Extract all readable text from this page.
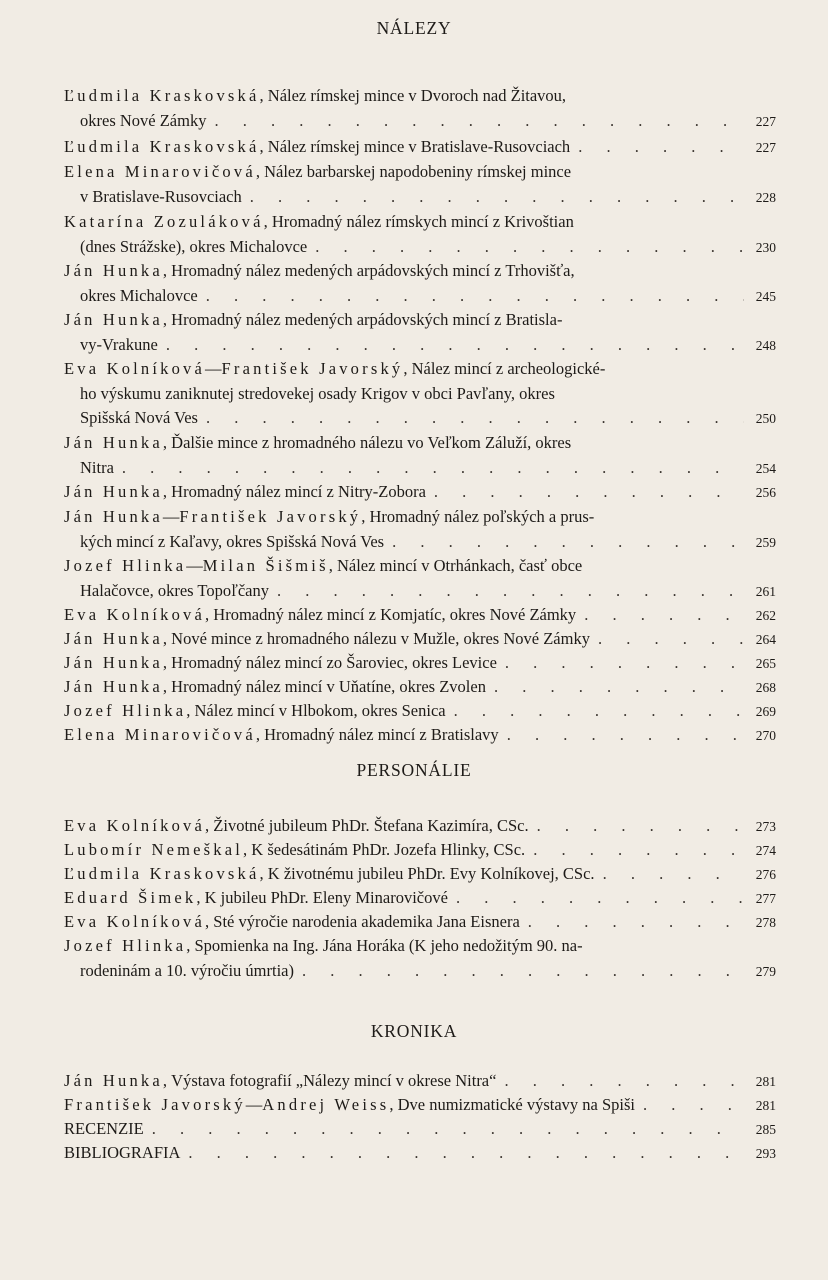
NÁLEZY
Ľudmila Kraskovská , Nález rímskej mince v Dvoroch nad Žitavou,
okres Nové Zámky . . .	227
Ľudmila Kraskovská , Nález rímskej mince v Bratislave-Rusovciach . . .	227
Elena Minarovičová , Nález barbarskej napodobeniny rímskej mince
v Bratislave-Rusovciach . . .	228
Katarína Zozuláková , Hromadný nález rímskych mincí z Krivoštian
(dnes Strážske), okres Michalovce . . .	230
Ján Hunka , Hromadný nález medených arpádovských mincí z Trhovišťa,
okres Michalovce . . .	245
Ján Hunka , Hromadný nález medených arpádovských mincí z Bratisla-
vy-Vrakune . . .	248
Eva Kolníková — František Javorský , Nález mincí z archeologické-
ho výskumu zaniknutej stredovekej osady Krigov v obci Pavľany, okres
Spišská Nová Ves . . .	250
Ján Hunka , Ďalšie mince z hromadného nálezu vo Veľkom Záluží, okres
Nitra . . .	254
Ján Hunka , Hromadný nález mincí z Nitry-Zobora . . .	256
Ján Hunka — František Javorský , Hromadný nález poľských a prus-
kých mincí z Kaľavy, okres Spišská Nová Ves . . .	259
Jozef Hlinka — Milan Šišmiš , Nález mincí v Otrhánkach, časť obce
Halačovce, okres Topoľčany . . .	261
Eva Kolníková , Hromadný nález mincí z Komjatíc, okres Nové Zámky . . .	262
Ján Hunka , Nové mince z hromadného nálezu v Mužle, okres Nové Zámky . . .	264
Ján Hunka , Hromadný nález mincí zo Šaroviec, okres Levice . . .	265
Ján Hunka , Hromadný nález mincí v Uňatíne, okres Zvolen . . .	268
Jozef Hlinka , Nález mincí v Hlbokom, okres Senica . . .	269
Elena Minarovičová , Hromadný nález mincí z Bratislavy . . .	270
PERSONÁLIE
Eva Kolníková , Životné jubileum PhDr. Štefana Kazimíra, CSc. . . .	273
Lubomír Nemeškal , K šedesátinám PhDr. Jozefa Hlinky, CSc. . . .	274
Ľudmila Kraskovská , K životnému jubileu PhDr. Evy Kolníkovej, CSc. . . .	276
Eduard Šimek , K jubileu PhDr. Eleny Minarovičové . . .	277
Eva Kolníková , Sté výročie narodenia akademika Jana Eisnera . . .	278
Jozef Hlinka , Spomienka na Ing. Jána Horáka (K jeho nedožitým 90. na-
rodeninám a 10. výročiu úmrtia) . . .	279
KRONIKA
Ján Hunka , Výstava fotografií „Nálezy mincí v okrese Nitra“ . . .	281
František Javorský — Andrej Weiss , Dve numizmatické výstavy na Spiši . . .	281
RECENZIE . . .	285
BIBLIOGRAFIA . . .	293
